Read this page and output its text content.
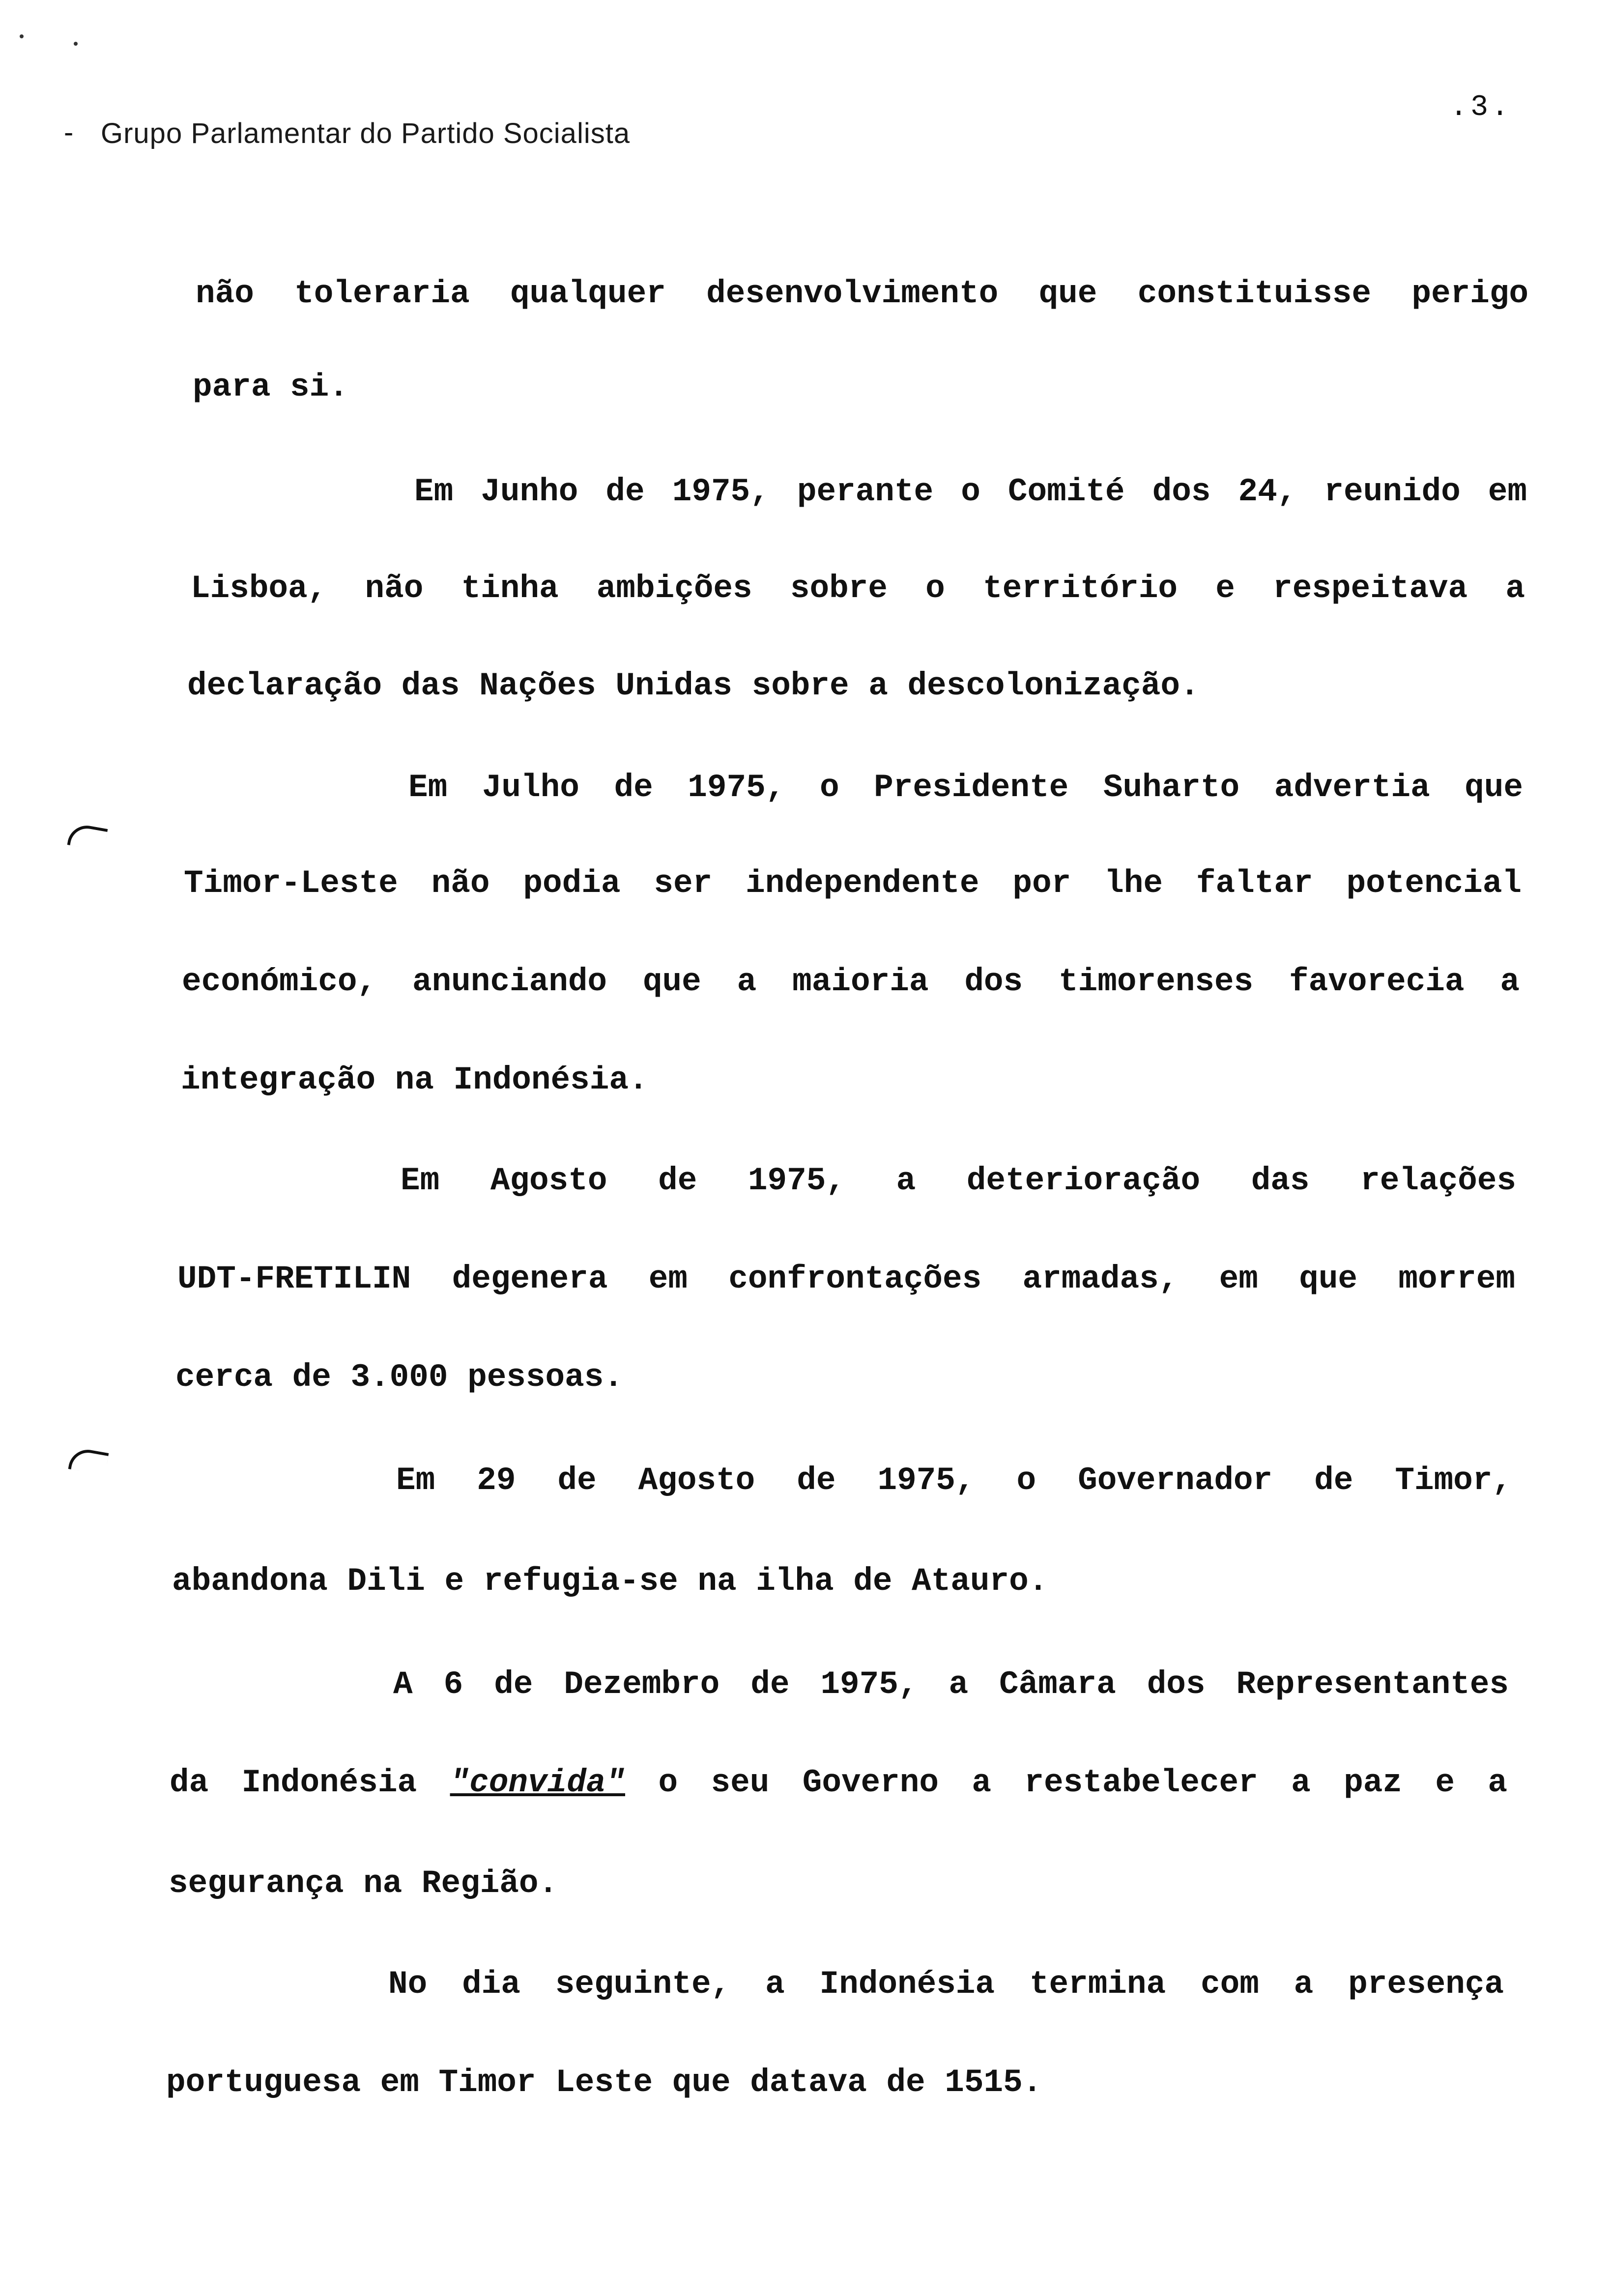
- Grupo Parlamentar do Partido Socialista
.3.
não toleraria qualquer desenvolvimento que constituisse perigo
para si.
Em Junho de 1975, perante o Comité dos 24, reunido em
Lisboa, não tinha ambições sobre o território e respeitava a
declaração das Nações Unidas sobre a descolonização.
Em Julho de 1975, o Presidente Suharto advertia que
Timor-Leste não podia ser independente por lhe faltar potencial
económico, anunciando que a maioria dos timorenses favorecia a
integração na Indonésia.
Em Agosto de 1975, a deterioração das relações
UDT-FRETILIN degenera em confrontações armadas, em que morrem
cerca de 3.000 pessoas.
Em 29 de Agosto de 1975, o Governador de Timor,
abandona Dili e refugia-se na ilha de Atauro.
A 6 de Dezembro de 1975, a Câmara dos Representantes
da Indonésia "convida" o seu Governo a restabelecer a paz e a
segurança na Região.
No dia seguinte, a Indonésia termina com a presença
portuguesa em Timor Leste que datava de 1515.
